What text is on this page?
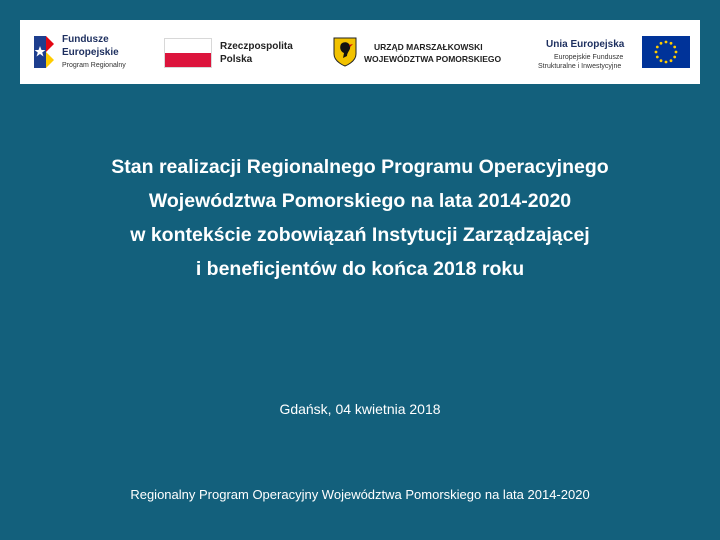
Fundusze
Europejskie
Program Regionalny
Rzeczpospolita
Polska
URZĄD MARSZAŁKOWSKI
WOJEWÓDZTWA POMORSKIEGO
Unia Europejska
Europejskie Fundusze
Strukturalne i Inwestycyjne
Stan realizacji Regionalnego Programu Operacyjnego
Województwa Pomorskiego na lata 2014-2020
w kontekście zobowiązań Instytucji Zarządzającej
i beneficjentów do końca 2018 roku
Gdańsk, 04 kwietnia 2018
Regionalny Program Operacyjny Województwa Pomorskiego na lata 2014-2020
